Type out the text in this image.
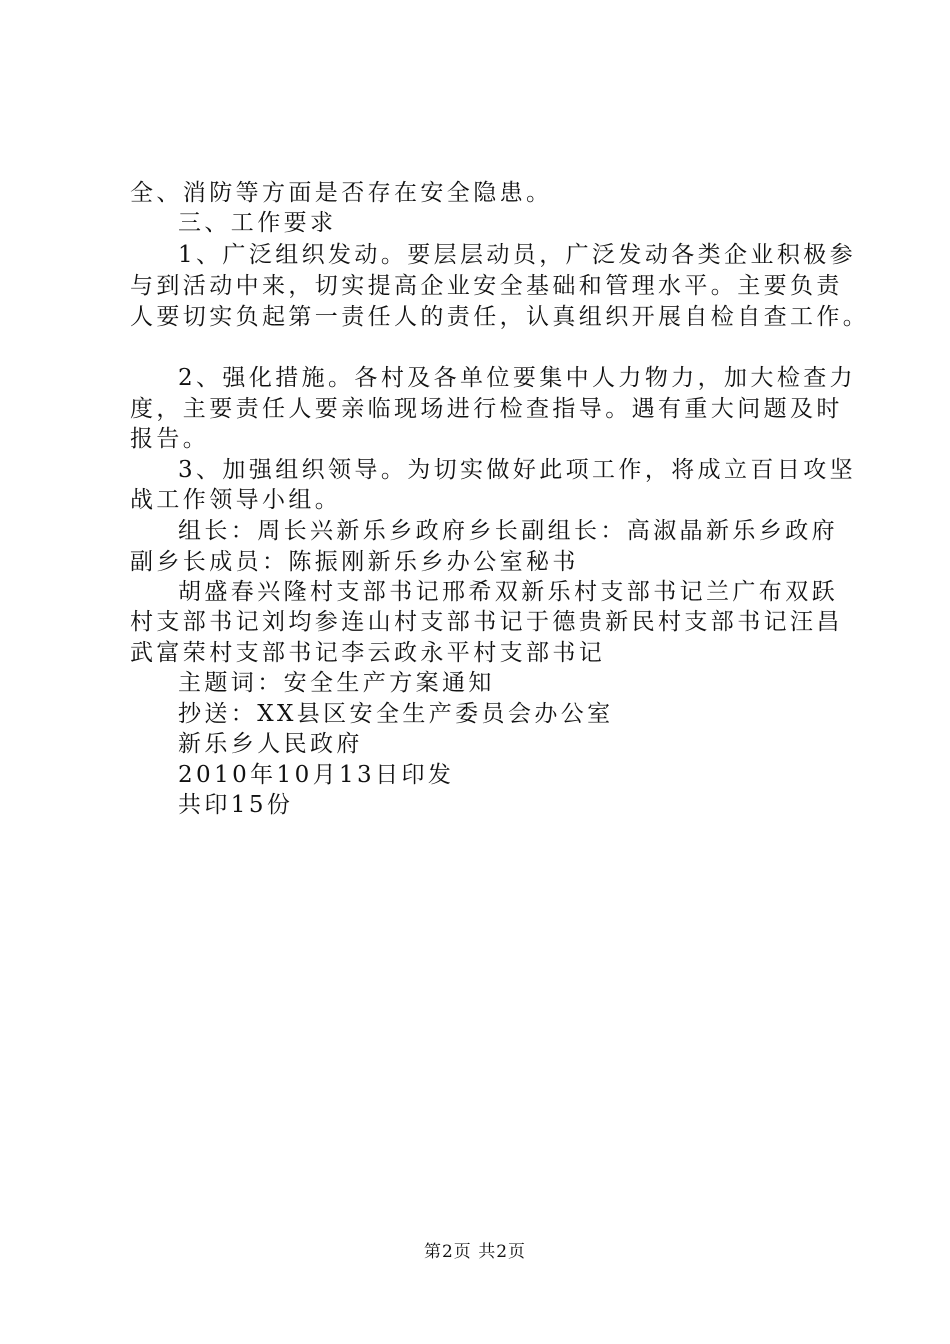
全、消防等方面是否存在安全隐患。
三、工作要求
1、广泛组织发动。要层层动员，广泛发动各类企业积极参
与到活动中来，切实提高企业安全基础和管理水平。主要负责
人要切实负起第一责任人的责任，认真组织开展自检自查工作。
2、强化措施。各村及各单位要集中人力物力，加大检查力
度，主要责任人要亲临现场进行检查指导。遇有重大问题及时
报告。
3、加强组织领导。为切实做好此项工作，将成立百日攻坚
战工作领导小组。
组长：周长兴新乐乡政府乡长副组长：高淑晶新乐乡政府
副乡长成员：陈振刚新乐乡办公室秘书
胡盛春兴隆村支部书记邢希双新乐村支部书记兰广布双跃
村支部书记刘均参连山村支部书记于德贵新民村支部书记汪昌
武富荣村支部书记李云政永平村支部书记
主题词：安全生产方案通知
抄送：XX县区安全生产委员会办公室
新乐乡人民政府
2010年10月13日印发
共印15份
第2页 共2页
